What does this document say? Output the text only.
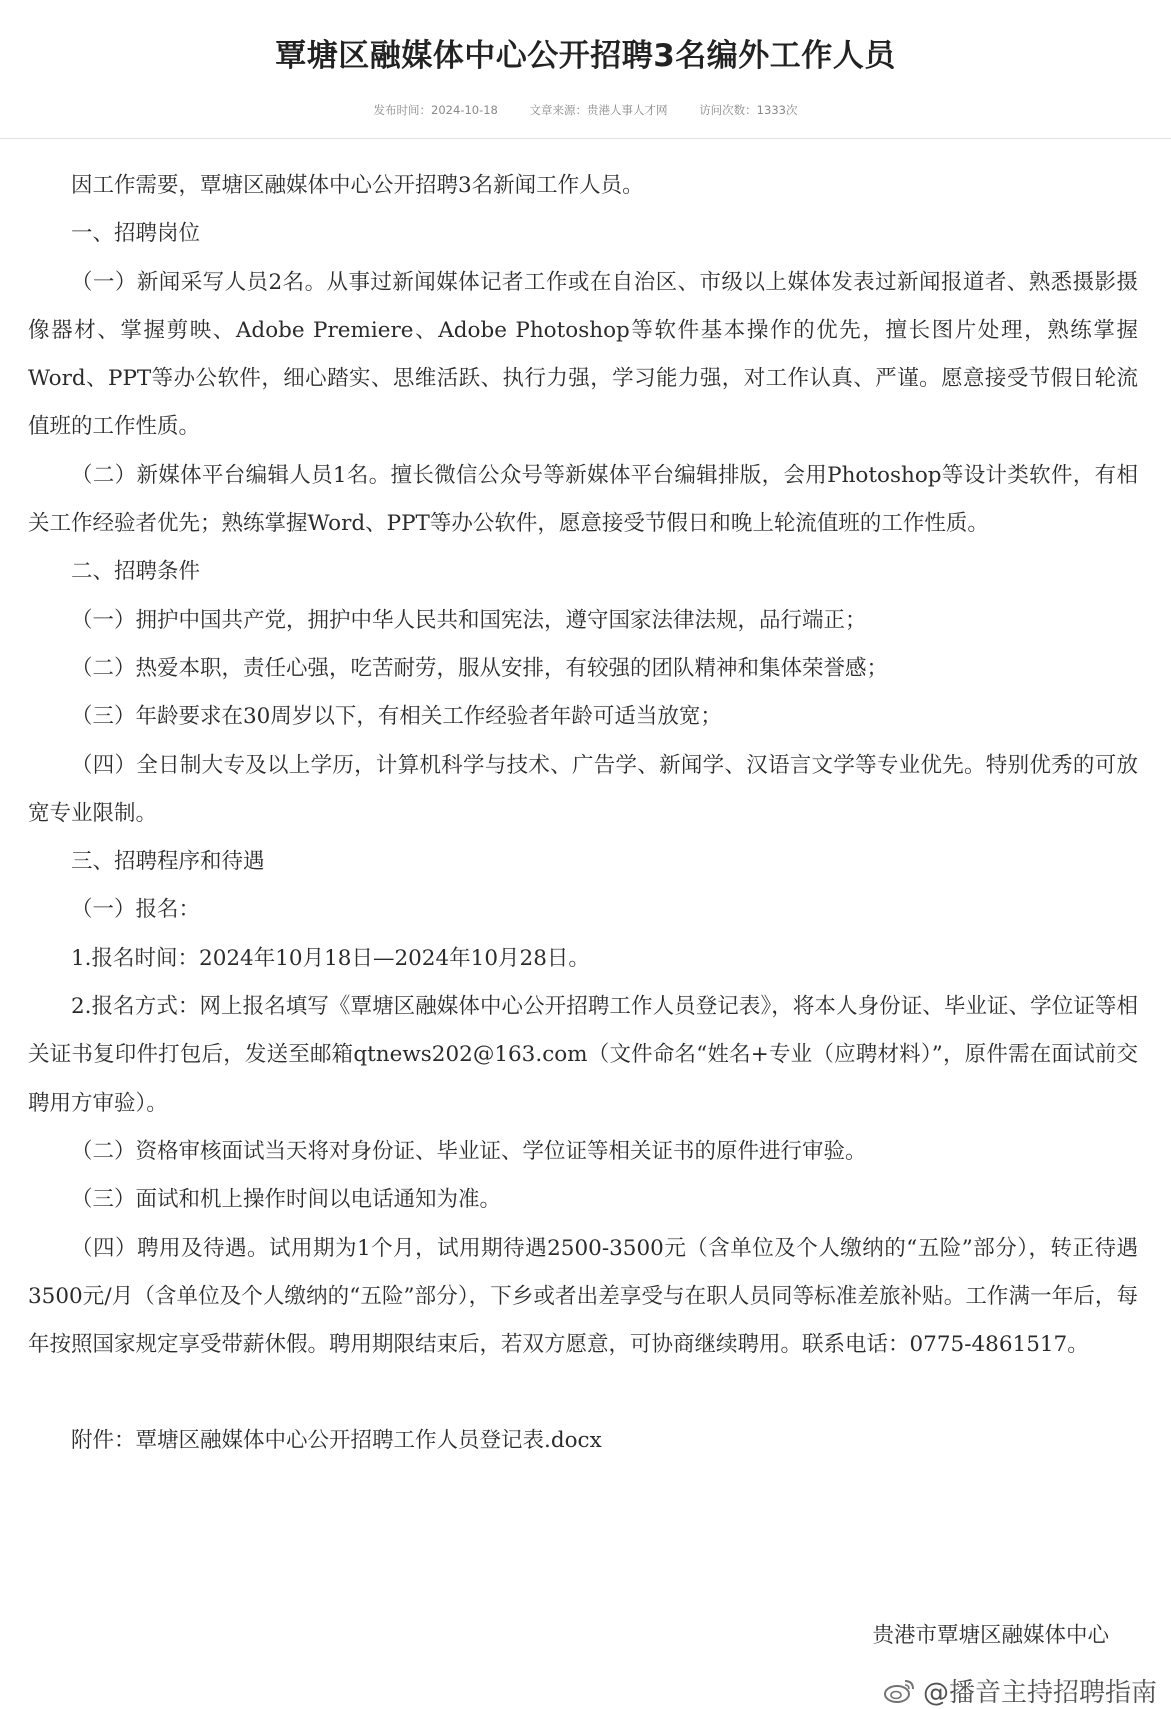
覃塘区融媒体中心公开招聘3名编外工作人员
发布时间：2024-10-18	文章来源：贵港人事人才网	访问次数：1333次

因工作需要，覃塘区融媒体中心公开招聘3名新闻工作人员。

一、招聘岗位

（一）新闻采写人员2名。从事过新闻媒体记者工作或在自治区、市级以上媒体发表过新闻报道者、熟悉摄影摄像器材、掌握剪映、Adobe Premiere、Adobe Photoshop等软件基本操作的优先，擅长图片处理，熟练掌握Word、PPT等办公软件，细心踏实、思维活跃、执行力强，学习能力强，对工作认真、严谨。愿意接受节假日轮流值班的工作性质。

（二）新媒体平台编辑人员1名。擅长微信公众号等新媒体平台编辑排版，会用Photoshop等设计类软件，有相关工作经验者优先；熟练掌握Word、PPT等办公软件，愿意接受节假日和晚上轮流值班的工作性质。

二、招聘条件

（一）拥护中国共产党，拥护中华人民共和国宪法，遵守国家法律法规，品行端正；

（二）热爱本职，责任心强，吃苦耐劳，服从安排，有较强的团队精神和集体荣誉感；

（三）年龄要求在30周岁以下，有相关工作经验者年龄可适当放宽；

（四）全日制大专及以上学历，计算机科学与技术、广告学、新闻学、汉语言文学等专业优先。特别优秀的可放宽专业限制。

三、招聘程序和待遇

（一）报名：

1.报名时间：2024年10月18日—2024年10月28日。

2.报名方式：网上报名填写《覃塘区融媒体中心公开招聘工作人员登记表》，将本人身份证、毕业证、学位证等相关证书复印件打包后，发送至邮箱qtnews202@163.com（文件命名“姓名+专业（应聘材料）”，原件需在面试前交聘用方审验）。

（二）资格审核面试当天将对身份证、毕业证、学位证等相关证书的原件进行审验。

（三）面试和机上操作时间以电话通知为准。

（四）聘用及待遇。试用期为1个月，试用期待遇2500-3500元（含单位及个人缴纳的“五险”部分），转正待遇3500元/月（含单位及个人缴纳的“五险”部分），下乡或者出差享受与在职人员同等标准差旅补贴。工作满一年后，每年按照国家规定享受带薪休假。聘用期限结束后，若双方愿意，可协商继续聘用。联系电话：0775-4861517。

附件：覃塘区融媒体中心公开招聘工作人员登记表.docx

贵港市覃塘区融媒体中心
@播音主持招聘指南
